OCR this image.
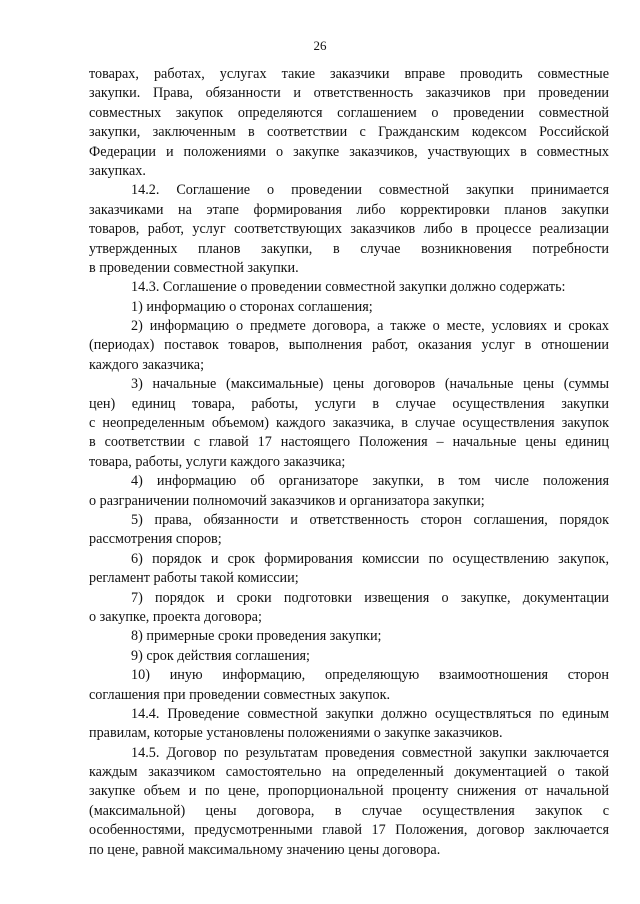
26
товарах, работах, услугах такие заказчики вправе проводить совместные
закупки. Права, обязанности и ответственность заказчиков при проведении
совместных закупок определяются соглашением о проведении совместной
закупки, заключенным в соответствии с Гражданским кодексом Российской
Федерации и положениями о закупке заказчиков, участвующих в совместных
закупках.
14.2. Соглашение о проведении совместной закупки принимается
заказчиками на этапе формирования либо корректировки планов закупки
товаров, работ, услуг соответствующих заказчиков либо в процессе реализации
утвержденных планов закупки, в случае возникновения потребности
в проведении совместной закупки.
14.3. Соглашение о проведении совместной закупки должно содержать:
1) информацию о сторонах соглашения;
2) информацию о предмете договора, а также о месте, условиях и сроках
(периодах) поставок товаров, выполнения работ, оказания услуг в отношении
каждого заказчика;
3) начальные (максимальные) цены договоров (начальные цены (суммы
цен) единиц товара, работы, услуги в случае осуществления закупки
с неопределенным объемом) каждого заказчика, в случае осуществления закупок
в соответствии с главой 17 настоящего Положения – начальные цены единиц
товара, работы, услуги каждого заказчика;
4) информацию об организаторе закупки, в том числе положения
о разграничении полномочий заказчиков и организатора закупки;
5) права, обязанности и ответственность сторон соглашения, порядок
рассмотрения споров;
6) порядок и срок формирования комиссии по осуществлению закупок,
регламент работы такой комиссии;
7) порядок и сроки подготовки извещения о закупке, документации
о закупке, проекта договора;
8) примерные сроки проведения закупки;
9) срок действия соглашения;
10) иную информацию, определяющую взаимоотношения сторон
соглашения при проведении совместных закупок.
14.4. Проведение совместной закупки должно осуществляться по единым
правилам, которые установлены положениями о закупке заказчиков.
14.5. Договор по результатам проведения совместной закупки заключается
каждым заказчиком самостоятельно на определенный документацией о такой
закупке объем и по цене, пропорциональной проценту снижения от начальной
(максимальной) цены договора, в случае осуществления закупок с
особенностями, предусмотренными главой 17 Положения, договор заключается
по цене, равной максимальному значению цены договора.
